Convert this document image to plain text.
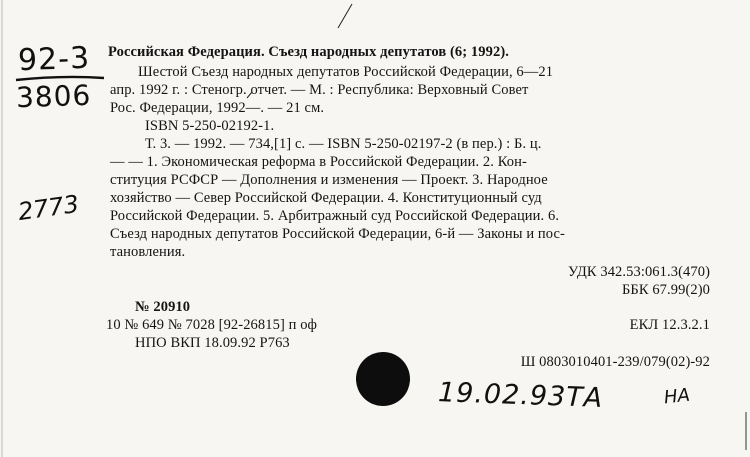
92-3
3806
2773
Российская Федерация. Съезд народных депутатов (6; 1992).
Шестой Съезд народных депутатов Российской Федерации, 6—21
апр. 1992 г. : Стеногр. отчет. — М. : Республика: Верховный Совет
Рос. Федерации, 1992—. — 21 см.
ISBN 5-250-02192-1.
Т. 3. — 1992. — 734,[1] с. — ISBN 5-250-02197-2 (в пер.) : Б. ц.
— — 1. Экономическая реформа в Российской Федерации. 2. Кон-
ституция РСФСР — Дополнения и изменения — Проект. 3. Народное
хозяйство — Север Российской Федерации. 4. Конституционный суд
Российской Федерации. 5. Арбитражный суд Российской Федерации. 6.
Съезд народных депутатов Российской Федерации, 6-й — Законы и пос-
тановления.
УДК 342.53:061.3(470)
ББК 67.99(2)0
ЕКЛ 12.3.2.1
Ш 0803010401-239/079(02)-92
№ 20910
10 № 649 № 7028 [92-26815] п оф
НПО ВКП 18.09.92 Р763
19.02.93ТА	НА
